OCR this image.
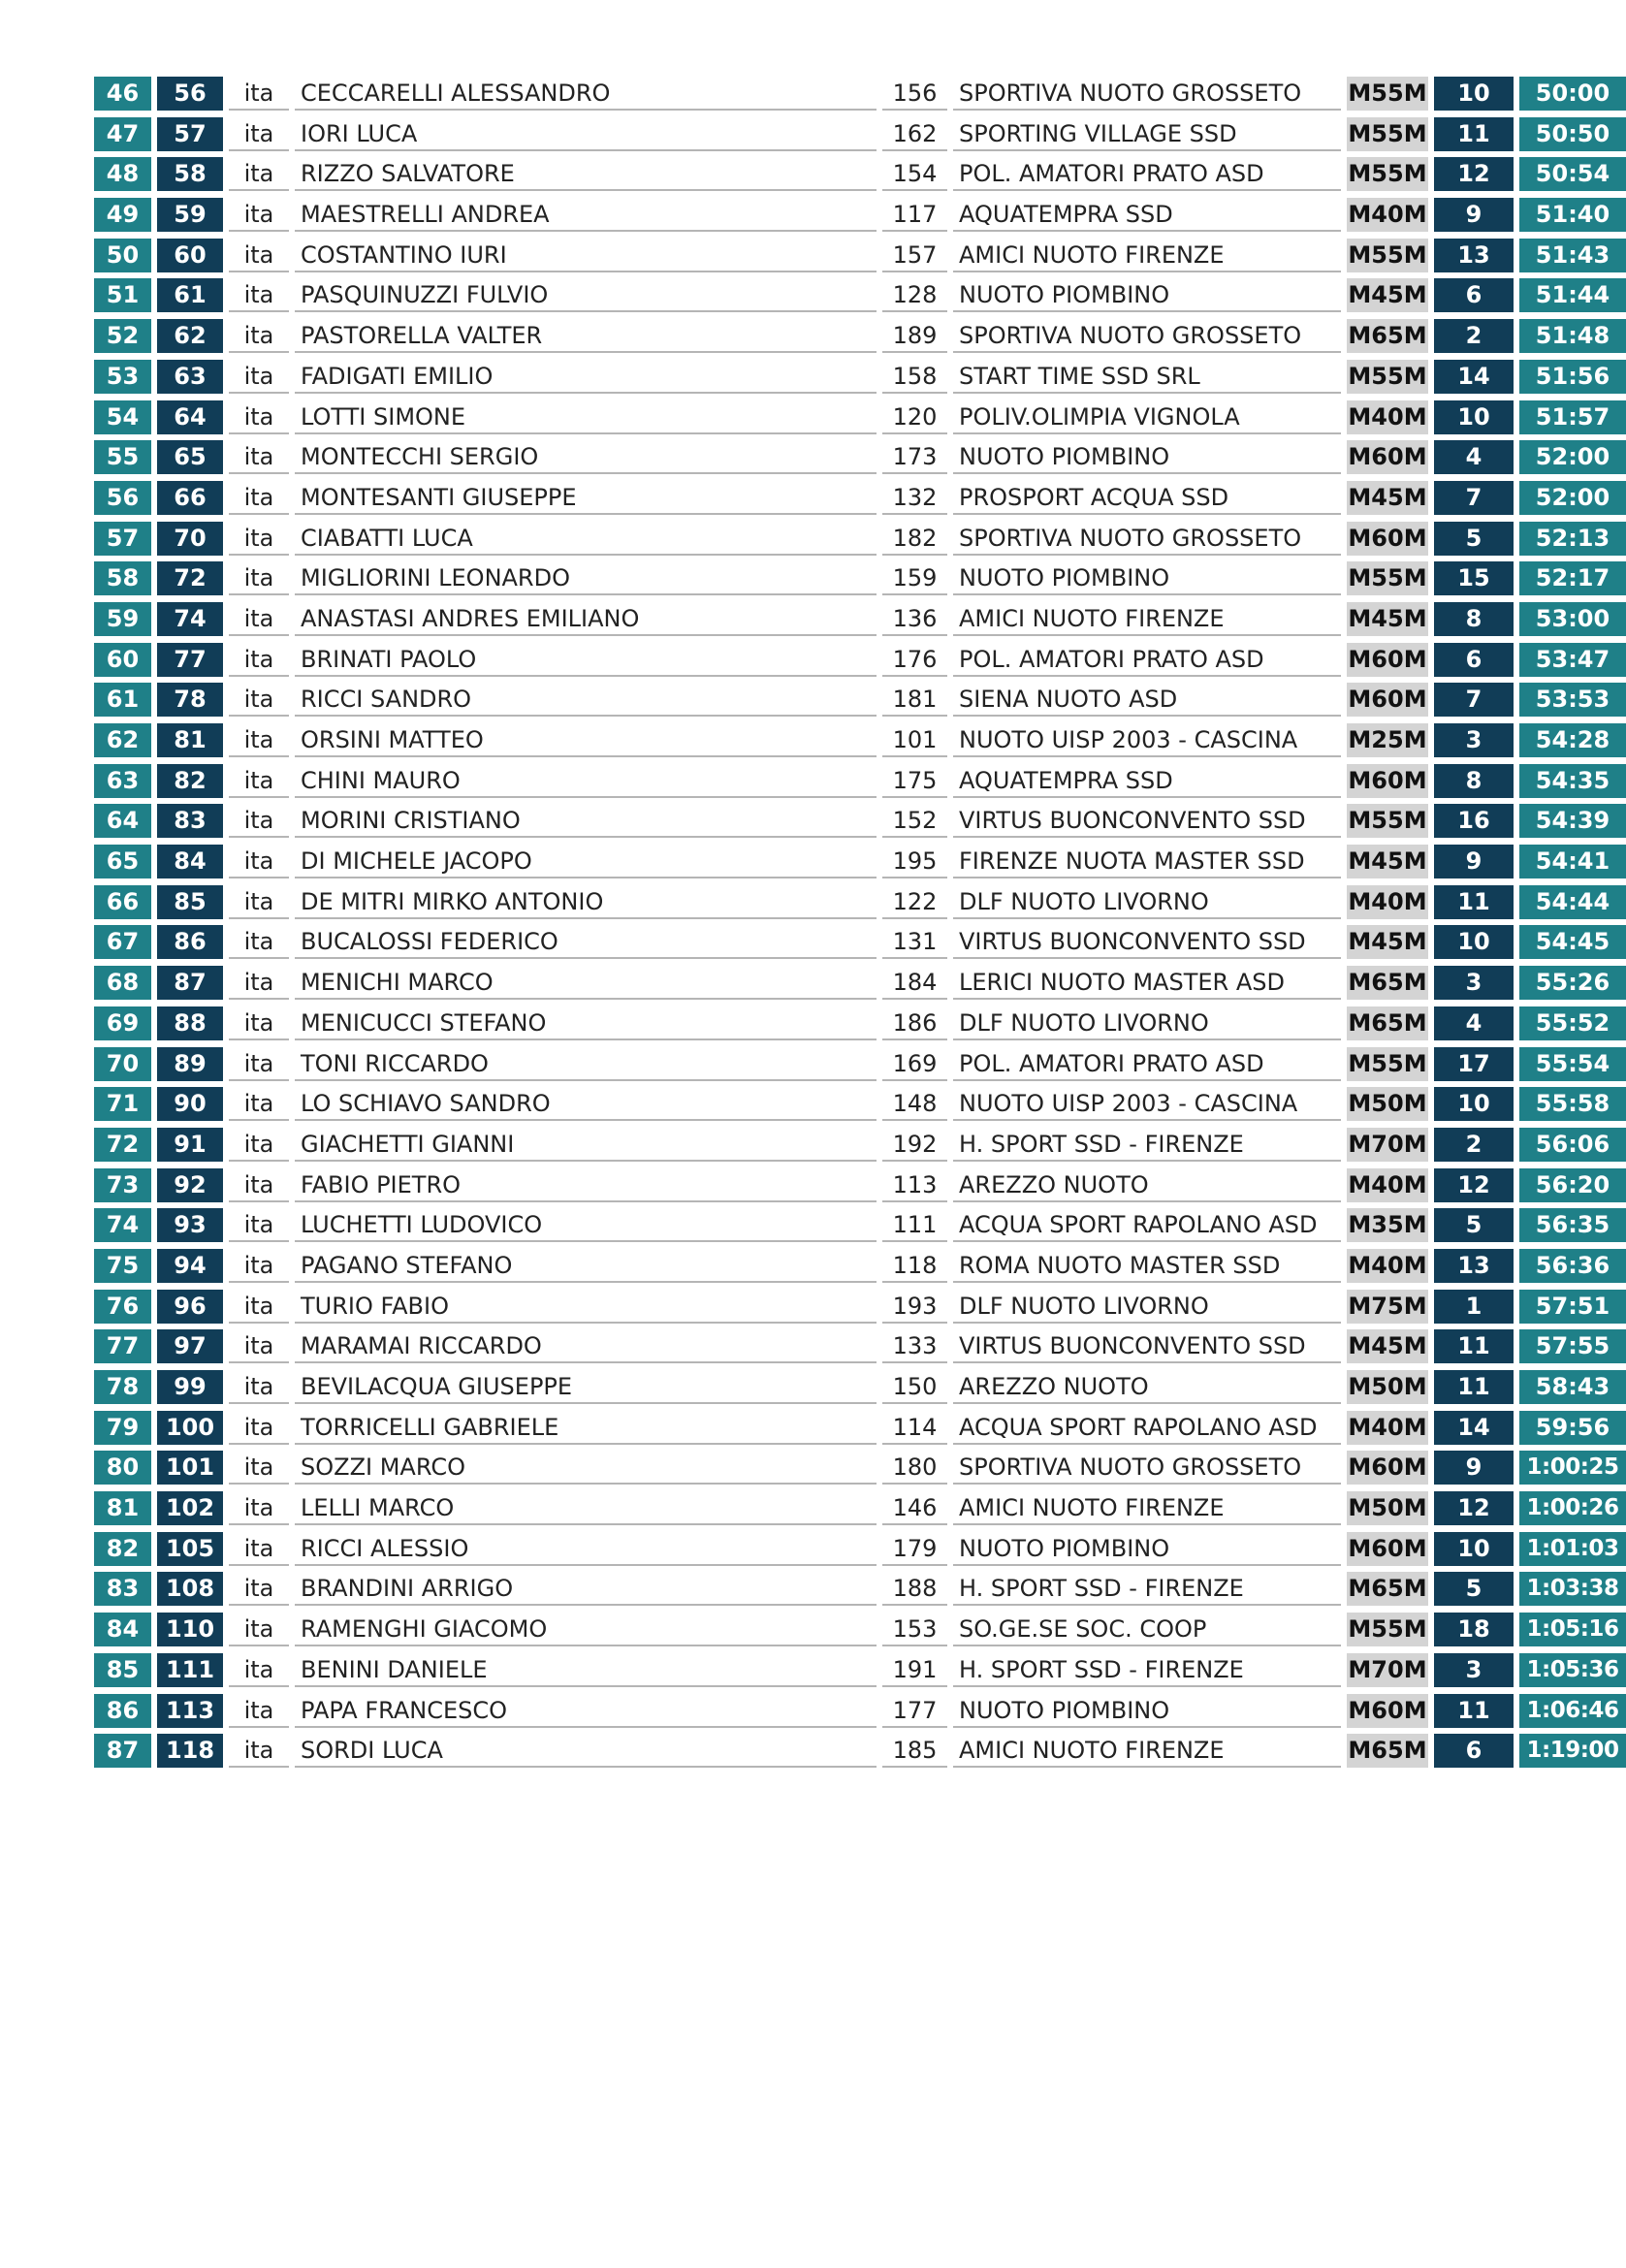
46	56	ita	CECCARELLI ALESSANDRO	156 SPORTIVA NUOTO GROSSETO	M55M	10	50:00
47	57	ita	IORI LUCA	162 SPORTING VILLAGE SSD	M55M	11	50:50
48	58	ita	RIZZO SALVATORE	154 POL. AMATORI PRATO ASD	M55M	12	50:54
49	59	ita	MAESTRELLI ANDREA	117 AQUATEMPRA SSD	M40M	9	51:40
50	60	ita	COSTANTINO IURI	157 AMICI NUOTO FIRENZE	M55M	13	51:43
51	61	ita	PASQUINUZZI FULVIO	128 NUOTO PIOMBINO	M45M	6	51:44
52	62	ita	PASTORELLA VALTER	189 SPORTIVA NUOTO GROSSETO	M65M	2	51:48
53	63	ita	FADIGATI EMILIO	158 START TIME SSD SRL	M55M	14	51:56
54	64	ita	LOTTI SIMONE	120 POLIV.OLIMPIA VIGNOLA	M40M	10	51:57
55	65	ita	MONTECCHI SERGIO	173 NUOTO PIOMBINO	M60M	4	52:00
56	66	ita	MONTESANTI GIUSEPPE	132 PROSPORT ACQUA SSD	M45M	7	52:00
57	70	ita	CIABATTI LUCA	182 SPORTIVA NUOTO GROSSETO	M60M	5	52:13
58	72	ita	MIGLIORINI LEONARDO	159 NUOTO PIOMBINO	M55M	15	52:17
59	74	ita	ANASTASI ANDRES EMILIANO	136 AMICI NUOTO FIRENZE	M45M	8	53:00
60	77	ita	BRINATI PAOLO	176 POL. AMATORI PRATO ASD	M60M	6	53:47
61	78	ita	RICCI SANDRO	181 SIENA NUOTO ASD	M60M	7	53:53
62	81	ita	ORSINI MATTEO	101 NUOTO UISP 2003 - CASCINA	M25M	3	54:28
63	82	ita	CHINI MAURO	175 AQUATEMPRA SSD	M60M	8	54:35
64	83	ita	MORINI CRISTIANO	152 VIRTUS BUONCONVENTO SSD	M55M	16	54:39
65	84	ita	DI MICHELE JACOPO	195 FIRENZE NUOTA MASTER SSD	M45M	9	54:41
66	85	ita	DE MITRI MIRKO ANTONIO	122 DLF NUOTO LIVORNO	M40M	11	54:44
67	86	ita	BUCALOSSI FEDERICO	131 VIRTUS BUONCONVENTO SSD	M45M	10	54:45
68	87	ita	MENICHI MARCO	184 LERICI NUOTO MASTER ASD	M65M	3	55:26
69	88	ita	MENICUCCI STEFANO	186 DLF NUOTO LIVORNO	M65M	4	55:52
70	89	ita	TONI RICCARDO	169 POL. AMATORI PRATO ASD	M55M	17	55:54
71	90	ita	LO SCHIAVO SANDRO	148 NUOTO UISP 2003 - CASCINA	M50M	10	55:58
72	91	ita	GIACHETTI GIANNI	192 H. SPORT SSD - FIRENZE	M70M	2	56:06
73	92	ita	FABIO PIETRO	113 AREZZO NUOTO	M40M	12	56:20
74	93	ita	LUCHETTI LUDOVICO	111 ACQUA SPORT RAPOLANO ASD	M35M	5	56:35
75	94	ita	PAGANO STEFANO	118 ROMA NUOTO MASTER SSD	M40M	13	56:36
76	96	ita	TURIO FABIO	193 DLF NUOTO LIVORNO	M75M	1	57:51
77	97	ita	MARAMAI RICCARDO	133 VIRTUS BUONCONVENTO SSD	M45M	11	57:55
78	99	ita	BEVILACQUA GIUSEPPE	150 AREZZO NUOTO	M50M	11	58:43
79	100	ita	TORRICELLI GABRIELE	114 ACQUA SPORT RAPOLANO ASD	M40M	14	59:56
80	101	ita	SOZZI MARCO	180 SPORTIVA NUOTO GROSSETO	M60M	9	1:00:25
81	102	ita	LELLI MARCO	146 AMICI NUOTO FIRENZE	M50M	12	1:00:26
82	105	ita	RICCI ALESSIO	179 NUOTO PIOMBINO	M60M	10	1:01:03
83	108	ita	BRANDINI ARRIGO	188 H. SPORT SSD - FIRENZE	M65M	5	1:03:38
84	110	ita	RAMENGHI GIACOMO	153 SO.GE.SE SOC. COOP	M55M	18	1:05:16
85	111	ita	BENINI DANIELE	191 H. SPORT SSD - FIRENZE	M70M	3	1:05:36
86	113	ita	PAPA FRANCESCO	177 NUOTO PIOMBINO	M60M	11	1:06:46
87	118	ita	SORDI LUCA	185 AMICI NUOTO FIRENZE	M65M	6	1:19:00
